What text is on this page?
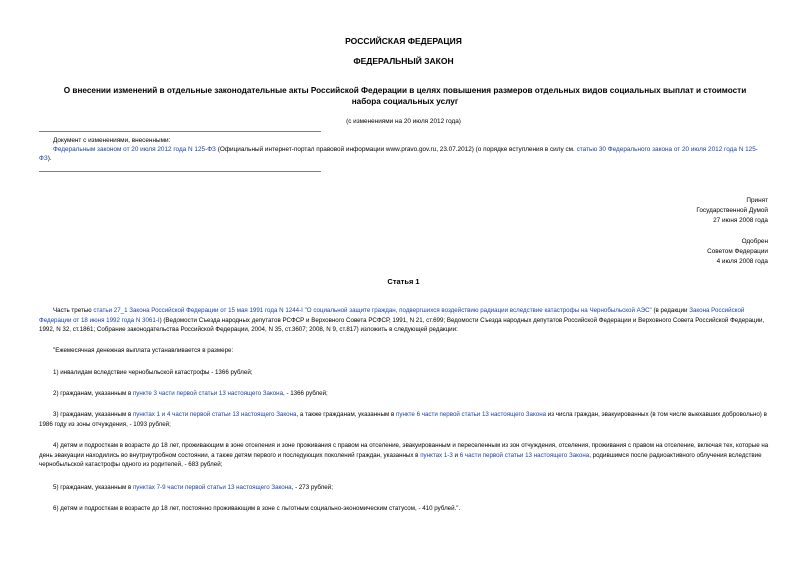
РОССИЙСКАЯ ФЕДЕРАЦИЯ
ФЕДЕРАЛЬНЫЙ ЗАКОН
О внесении изменений в отдельные законодательные акты Российской Федерации в целях повышения размеров отдельных видов социальных выплат и стоимости набора социальных услуг
(с изменениями на 20 июля 2012 года)
Документ с изменениями, внесенными:
Федеральным законом от 20 июля 2012 года N 125-ФЗ (Официальный интернет-портал правовой информации www.pravo.gov.ru, 23.07.2012) (о порядке вступления в силу см. статью 30 Федерального закона от 20 июля 2012 года N 125-ФЗ).
Принят
Государственной Думой
27 июня 2008 года
Одобрен
Советом Федерации
4 июля 2008 года
Статья 1
Часть третью статьи 27_1 Закона Российской Федерации от 15 мая 1991 года N 1244-I "О социальной защите граждан, подвергшихся воздействию радиации вследствие катастрофы на Чернобыльской АЭС" (в редакции Закона Российской Федерации от 18 июня 1992 года N 3061-I) (Ведомости Съезда народных депутатов РСФСР и Верховного Совета РСФСР, 1991, N 21, ст.699; Ведомости Съезда народных депутатов Российской Федерации и Верховного Совета Российской Федерации, 1992, N 32, ст.1861; Собрание законодательства Российской Федерации, 2004, N 35, ст.3607; 2008, N 9, ст.817) изложить в следующей редакции:
"Ежемесячная денежная выплата устанавливается в размере:
1) инвалидам вследствие чернобыльской катастрофы - 1366 рублей;
2) гражданам, указанным в пункте 3 части первой статьи 13 настоящего Закона, - 1366 рублей;
3) гражданам, указанным в пунктах 1 и 4 части первой статьи 13 настоящего Закона, а также гражданам, указанным в пункте 6 части первой статьи 13 настоящего Закона из числа граждан, эвакуированных (в том числе выехавших добровольно) в 1986 году из зоны отчуждения, - 1093 рублей;
4) детям и подросткам в возрасте до 18 лет, проживающим в зоне отселения и зоне проживания с правом на отселение, эвакуированным и переселенным из зон отчуждения, отселения, проживания с правом на отселение, включая тех, которые на день эвакуации находились во внутриутробном состоянии, а также детям первого и последующих поколений граждан, указанных в пунктах 1-3 и 6 части первой статьи 13 настоящего Закона, родившимся после радиоактивного облучения вследствие чернобыльской катастрофы одного из родителей, - 683 рублей;
5) гражданам, указанным в пунктах 7-9 части первой статьи 13 настоящего Закона, - 273 рублей;
6) детям и подросткам в возрасте до 18 лет, постоянно проживающим в зоне с льготным социально-экономическим статусом, - 410 рублей.".
